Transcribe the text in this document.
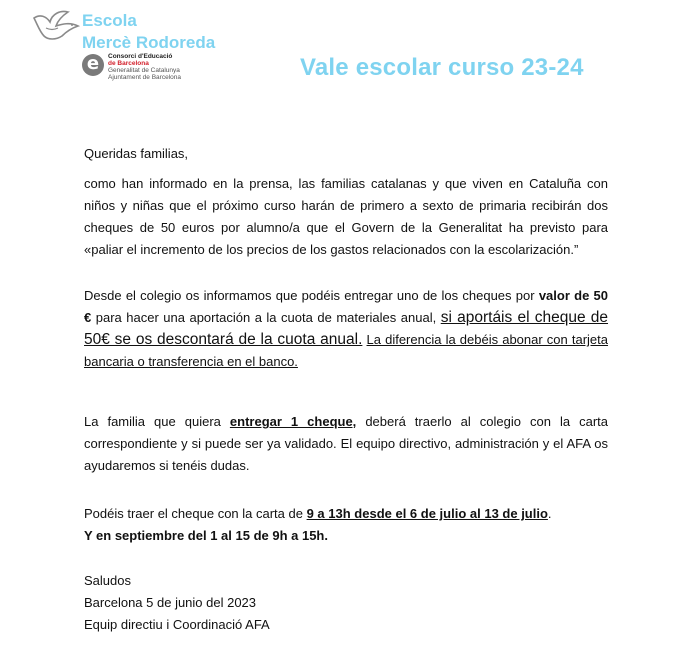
Escola
Mercè Rodoreda
e	Consorci d'Educació
de Barcelona
Generalitat de Catalunya
Ajuntament de Barcelona	Vale escolar curso 23-24

Queridas familias,

como han informado en la prensa, las familias catalanas y que viven en Cataluña con niños y niñas que el próximo curso harán de primero a sexto de primaria recibirán dos cheques de 50 euros por alumno/a que el Govern de la Generalitat ha previsto para «paliar el incremento de los precios de los gastos relacionados con la escolarización.”

Desde el colegio os informamos que podéis entregar uno de los cheques por valor de 50 € para hacer una aportación a la cuota de materiales anual, si aportáis el cheque de 50€ se os descontará de la cuota anual. La diferencia la debéis abonar con tarjeta bancaria o transferencia en el banco.

La familia que quiera entregar 1 cheque, deberá traerlo al colegio con la carta correspondiente y si puede ser ya validado. El equipo directivo, administración y el AFA os ayudaremos si tenéis dudas.

Podéis traer el cheque con la carta de 9 a 13h desde el 6 de julio al 13 de julio.

Y en septiembre del 1 al 15 de 9h a 15h.

Saludos

Barcelona 5 de junio del 2023

Equip directiu i Coordinació AFA
